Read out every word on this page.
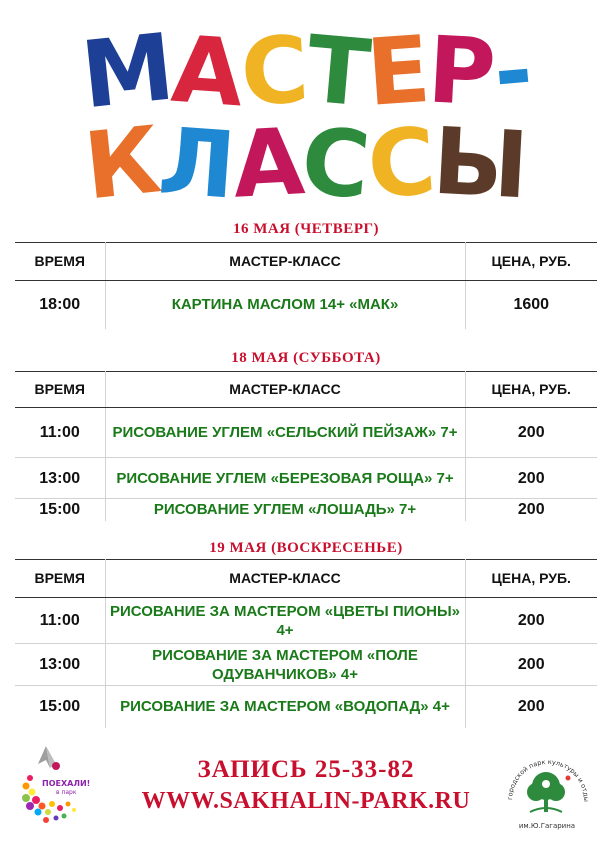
МАСТЕР-
КЛАССЫ
16 МАЯ (ЧЕТВЕРГ)
ВРЕМЯ	МАСТЕР-КЛАСС	ЦЕНА, РУБ.
18:00	КАРТИНА МАСЛОМ 14+ «МАК»	1600
18 МАЯ (СУББОТА)
ВРЕМЯ	МАСТЕР-КЛАСС	ЦЕНА, РУБ.
11:00	РИСОВАНИЕ УГЛЕМ «СЕЛЬСКИЙ ПЕЙЗАЖ» 7+	200
13:00	РИСОВАНИЕ УГЛЕМ «БЕРЕЗОВАЯ РОЩА» 7+	200
15:00	РИСОВАНИЕ УГЛЕМ «ЛОШАДЬ» 7+	200
19 МАЯ (ВОСКРЕСЕНЬЕ)
ВРЕМЯ	МАСТЕР-КЛАСС	ЦЕНА, РУБ.
11:00	РИСОВАНИЕ ЗА МАСТЕРОМ «ЦВЕТЫ ПИОНЫ» 4+	200
13:00	РИСОВАНИЕ ЗА МАСТЕРОМ «ПОЛЕ ОДУВАНЧИКОВ» 4+	200
15:00	РИСОВАНИЕ ЗА МАСТЕРОМ «ВОДОПАД» 4+	200
ПОЕХАЛИ!
в парк
ЗАПИСЬ 25-33-82
WWW.SAKHALIN-PARK.RU	городской парк культуры и отды
им.Ю.Гагарина
